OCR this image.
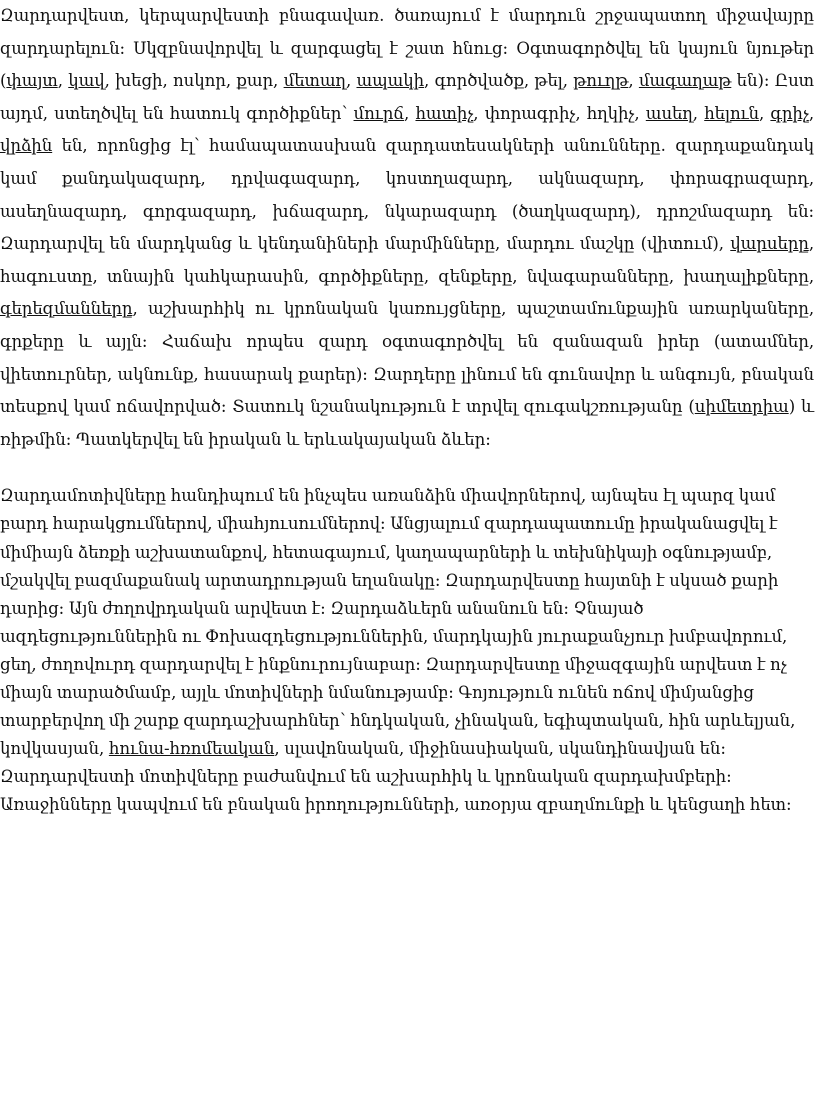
Զարդարվեստ, կերպարվեստի բնագավառ․ ծառայում է մարդուն շրջապատող միջավայրը զարդարելուն։ Սկզբնավորվել և զարգացել է շատ հնուց։ Օգտագործվել են կայուն նյութեր (փայտ, կավ, խեցի, ոսկոր, քար, մետաղ, ապակի, գործվածք, թել, թուղթ, մագաղաթ են)։ Ըստ այդմ, ստեղծվել են հատուկ գործիքներ՝ մուրճ, հատիչ, փորագրիչ, հղկիչ, ասեղ, հելուն, գրիչ, վրձին են, որոնցից էլ՝ համապատասխան զարդատեսակների անունները․ զարդաքանդակ կամ քանդակազարդ, դրվագազարդ, կոստղազարդ, ակնազարդ, փորագրազարդ, ասեղնազարդ, գորգազարդ, խճազարդ, նկարազարդ (ծաղկազարդ), դրոշմազարդ են։ Զարդարվել են մարդկանց և կենդանիների մարմինները, մարդու մաշկը (վիտում), վարսերը, հագուստը, տնային կահկարասին, գործիքները, զենքերը, նվագարանները, խաղալիքները, գերեզմանները, աշխարհիկ ու կրոնական կառույցները, պաշտամունքային առարկաները, գրքերը և այլն։ Հաճախ որպես զարդ օգտագործվել են զանազան իրեր (ատամներ, վիետուրներ, ակնունք, հասարակ քարեր)։ Զարդերը լինում են գունավոր և անգույն, բնական տեսքով կամ ոճավորված։ Տատուկ նշանակություն է տրվել զուգակշռությանը (սիմետրիա) և ռիթմին։ Պատկերվել են իրական և երևակայական ձևեր։

Զարդամոտիվները հանդիպում են ինչպես առանձին միավորներով, այնպես էլ պարզ կամ բարդ հարակցումներով, միահյուսումներով։ Անցյալում զարդապատումը իրականացվել է միմիայն ձեռքի աշխատանքով, հետագայում, կաղապարների և տեխնիկայի օգնությամբ, մշակվել բազմաքանակ արտադրության եղանակը։ Զարդարվեստը հայտնի է սկսած քարի դարից։ Այն ժողովրդական արվեստ է։ Զարդաձևերն անանուն են։ Չնայած ազդեցություններին ու Փոխազդեցություններին, մարդկային յուրաքանչյուր խմբավորում, ցեղ, ժողովուրդ զարդարվել է ինքնուրույնաբար։ Զարդարվեստը միջազգային արվեստ է ոչ միայն տարածմամբ, այլև մոտիվների նմանությամբ։ Գոյություն ունեն ոճով միմյանցից տարբերվող մի շարք զարդաշխարհներ՝ հնդկական, չինական, եգիպտական, հին արևելյան, կովկասյան, հունա-հռոմեական, սլավոնական, միջինասիական, սկանդինավյան են։ Զարդարվեստի մոտիվները բաժանվում են աշխարհիկ և կրոնական զարդախմբերի։ Առաջինները կապվում են բնական իրողությունների, առօրյա զբաղմունքի և կենցաղի հետ։
